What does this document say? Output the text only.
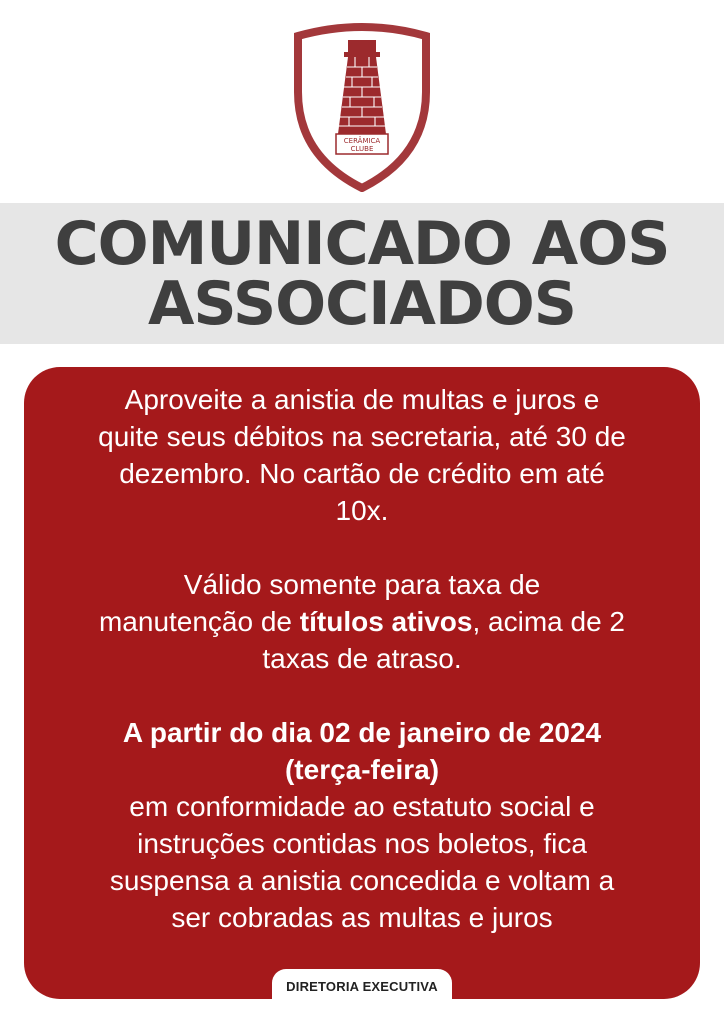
CERÂMICA
CLUBE
COMUNICADO AOS
ASSOCIADOS

Aproveite a anistia de multas e juros e
quite seus débitos na secretaria, até 30 de
dezembro. No cartão de crédito em até
10x.

Válido somente para taxa de
manutenção de títulos ativos, acima de 2
taxas de atraso.

A partir do dia 02 de janeiro de 2024
(terça-feira)
em conformidade ao estatuto social e
instruções contidas nos boletos, fica
suspensa a anistia concedida e voltam a
ser cobradas as multas e juros

DIRETORIA EXECUTIVA
